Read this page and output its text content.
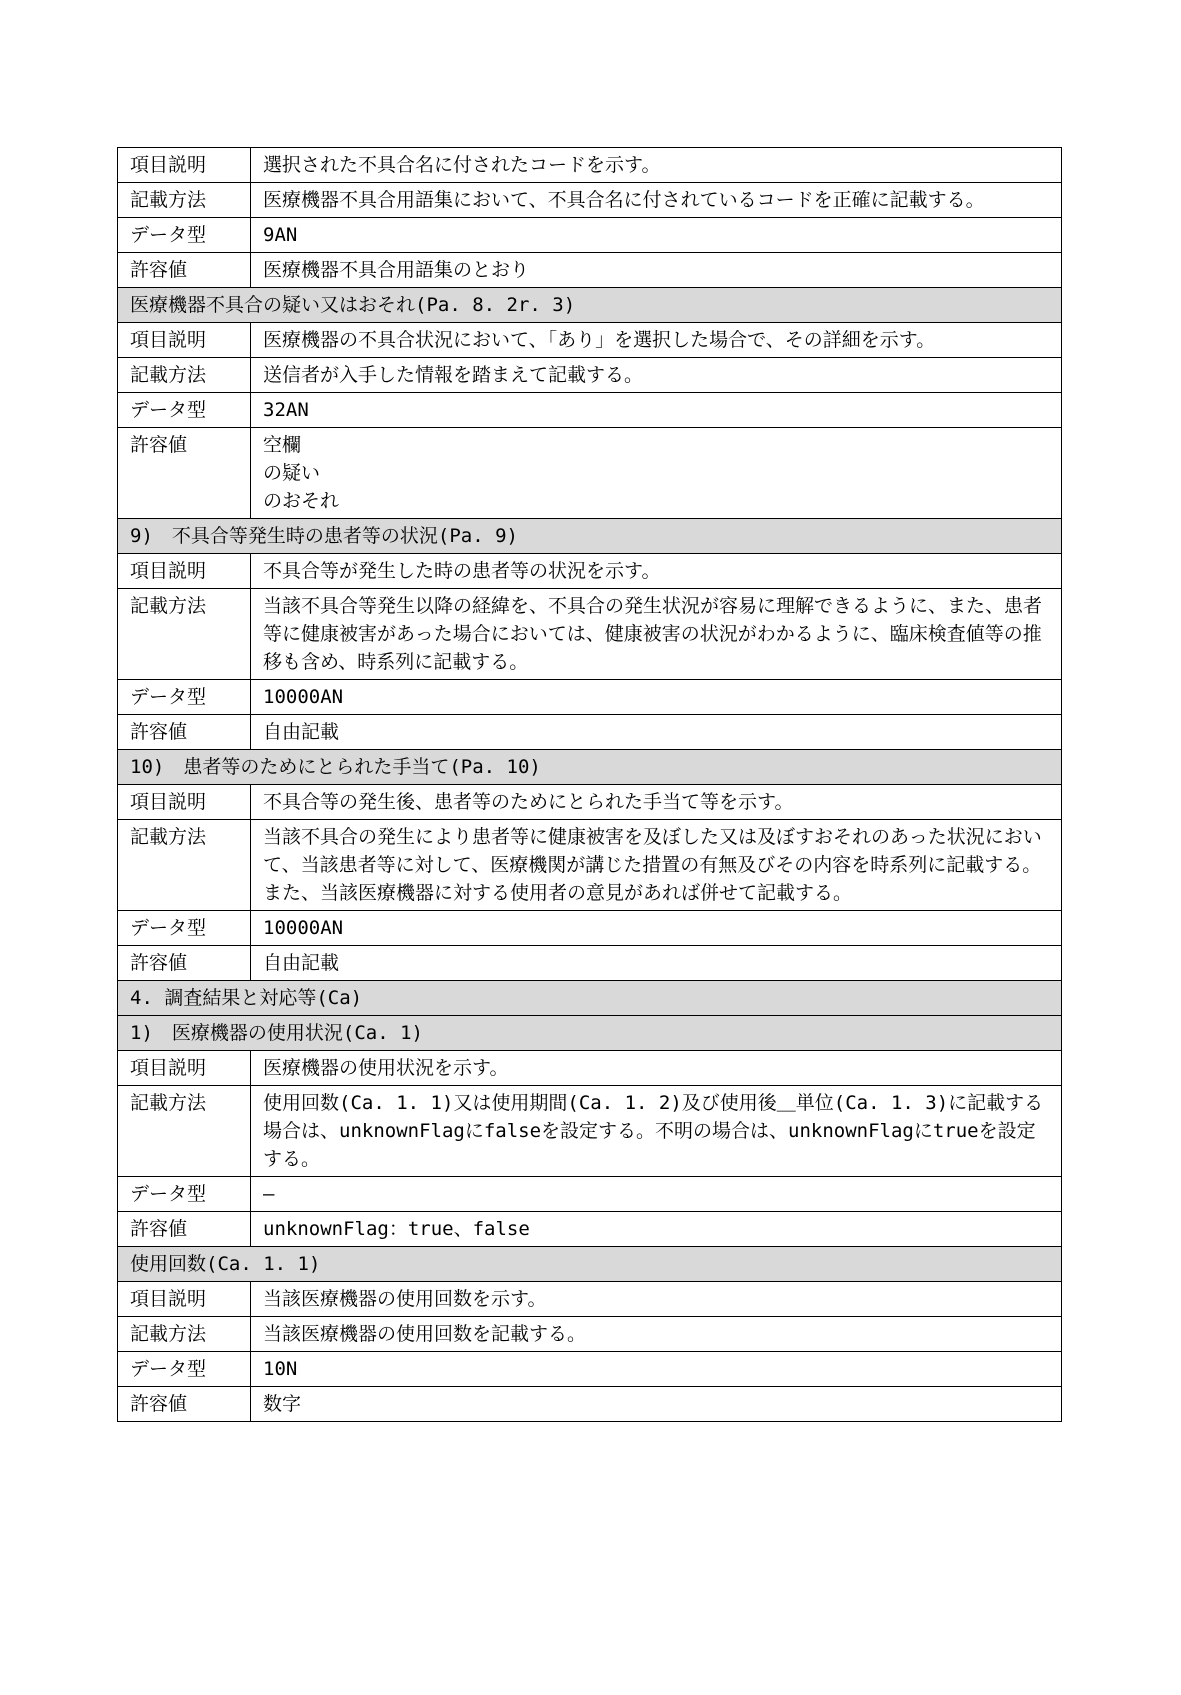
項目説明	選択された不具合名に付されたコードを示す。
記載方法	医療機器不具合用語集において、不具合名に付されているコードを正確に記載する。
データ型	9AN
許容値	医療機器不具合用語集のとおり
医療機器不具合の疑い又はおそれ(Pa. 8. 2r. 3)	
項目説明	医療機器の不具合状況において、「あり」を選択した場合で、その詳細を示す。
記載方法	送信者が入手した情報を踏まえて記載する。
データ型	32AN
許容値	空欄
の疑い
のおそれ
9)　不具合等発生時の患者等の状況(Pa. 9)	
項目説明	不具合等が発生した時の患者等の状況を示す。
記載方法	当該不具合等発生以降の経緯を、不具合の発生状況が容易に理解できるように、また、患者等に健康被害があった場合においては、健康被害の状況がわかるように、臨床検査値等の推移も含め、時系列に記載する。
データ型	10000AN
許容値	自由記載
10)　患者等のためにとられた手当て(Pa. 10)	
項目説明	不具合等の発生後、患者等のためにとられた手当て等を示す。
記載方法	当該不具合の発生により患者等に健康被害を及ぼした又は及ぼすおそれのあった状況において、当該患者等に対して、医療機関が講じた措置の有無及びその内容を時系列に記載する。また、当該医療機器に対する使用者の意見があれば併せて記載する。
データ型	10000AN
許容値	自由記載
4. 調査結果と対応等(Ca)	
1)　医療機器の使用状況(Ca. 1)	
項目説明	医療機器の使用状況を示す。
記載方法	使用回数(Ca. 1. 1)又は使用期間(Ca. 1. 2)及び使用後＿単位(Ca. 1. 3)に記載する場合は、unknownFlagにfalseを設定する。不明の場合は、unknownFlagにtrueを設定する。
データ型	―
許容値	unknownFlag：true、false
使用回数(Ca. 1. 1)	
項目説明	当該医療機器の使用回数を示す。
記載方法	当該医療機器の使用回数を記載する。
データ型	10N
許容値	数字
